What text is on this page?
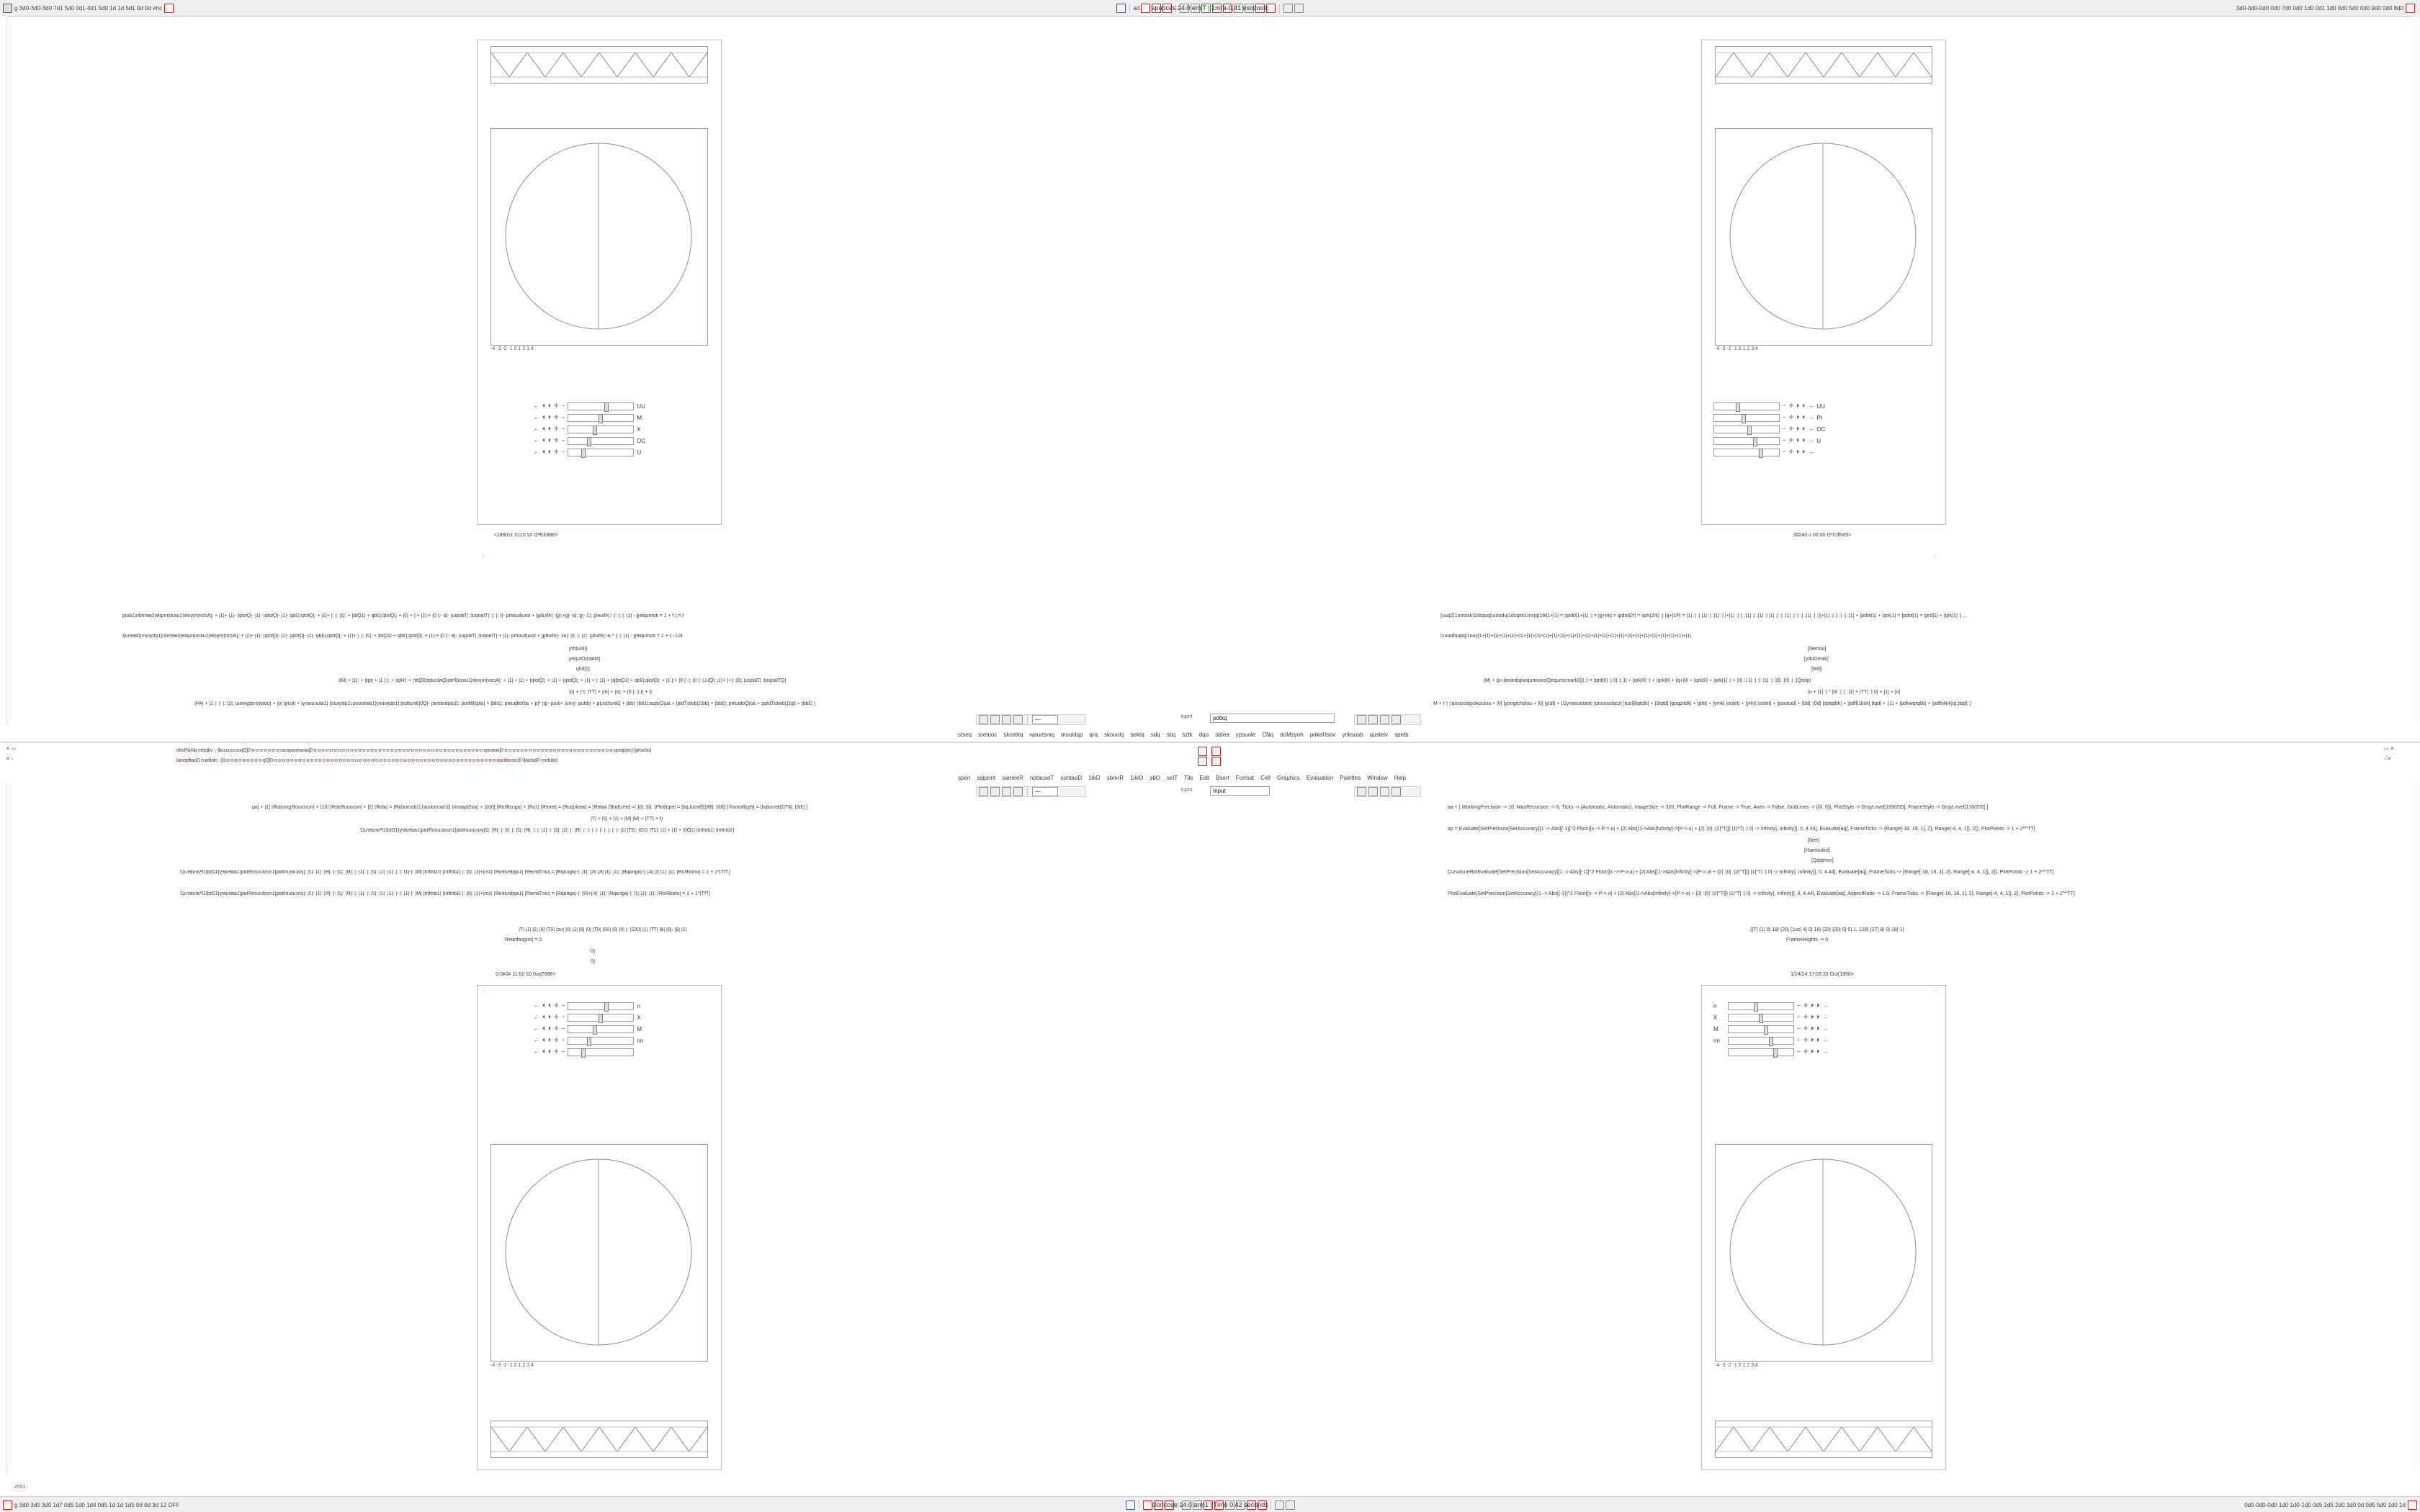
g 3d0-3d0-3d0 7d1 5d0 0d1 4d1 5d0 1d 1d 5d1 0d 0d ehc	ad	3d0-0d0-0d0 0d0 7d0 0d0 1d0 0d1 1d0 0d0 5d0 0d0 9d0 0d0 8d0
spuoces 24.0 emiT | 1mra-0.41 esocnolc
-4 -3 -2 -1 0 1 2 3 4
← ⏴ ⏵ ✛ −	UU
← ⏴ ⏵ ✛ −	M
← ⏴ ⏵ ✛ −	X
← ⏴ ⏵ ✛ −	OC
← ⏴ ⏵ ✛ −	U
◌
<9863JPO 02 0110 1c0861>
-4 -3 -2 -1 0 1 2 3 4
− ✛ ⏵ ⏵ → UU
− ✛ ⏵ ⏵ → PI
− ✛ ⏵ ⏵ → OC
− ✛ ⏵ ⏵ → U
− ✛ ⏵ ⏵ →
◌
3d24d u 00 00 O*CdN05>
t.=.j f + 1 = itontupleg - |1| :| :| :| -:|4fluelg :|2 -|g :|a -|g+:|g|-:|4flu6g| + toiu|kuoihq -|t :| :| :|Tlaoput; |Talopu| -|a -:| 0| +:|1| +:| + |3| + ;|Qtolp;|3dp + |1Qtd| + :|2| :| :| +|1| + ;|Qtolp;|3dp -|1| -|Qtolp| -|1| -|Qtolp| -|1| +|1| + ;|Actor|royole|1uicio|nuple|0aemdn|1duiq
kLL-.t + 1 = itontupleg - |1| :| :| * a-:|4flu6g :|1| :| :|t| :|a1 -|4flu6g| + toiu|kuoihq -|1| + |Tlaoput; |Talopu| -|a -:| 0| +:|1| + ;|Qtolp;|3dp + |1Qtd| + :|2| :| :| +|1| + ;|Qtolp;|3dp -|1| -|Qtolp| -|1| -|Qtolp| -|1| +|1| + ;|Actor|royole|1uicio|nuple|0aemdn|1qtoyurs|0aeiou|t
[0outrln]
[Malct|Ofu|leq
[Qtolp
[QTlaoput; |Talopu| :|0| :|+| +|1| :|QLL| :| 0| :|-:| 0| +:| 1| + ;|Qtolp;|3dp + |1Qtd|p| + |1| :| + |1| + ;|Qtolp| + |1| + ;|Qtolp| + |1| + |1| + ;|Actor|royole|1uicio|Pdo|Qwlculqr|0Qdr| + ;|Hlp| + :|:| 1| + |qp| + ;|1| + |Ml|
|t + |Ll| :| 0| + ;|o| + |m| + |TT| :|*| + |o|
[ |3dd| + |tp|1|dwtoTblqq + ao|Qolpuleq ;|3dd| + |dd|1|dvtoTblq| + au|Qotpa;|1dd| :|dd| + |3eurt|ou|q + |dduq -|yeu| +|kuq -|p| *|q + a|0oltpuleq ;|1dd| + |okp|Bltea| :|1|aqtodowq -|Q0|3eudtoq |1qtoyumy|1dwtouoq |1qtoyurs| |1atucuoiny| + |kciq| |o| + |uotor|rutqywou| ;|1| :| :| :| 1| + |4H|
[uuqZ|1ontosk|1dsquq|uutodu|1dsqxn1mx|q|1tk|1+|1| = |qrd0|1+|1| :| = |g+irk| = |pdot|2r| = |qrk|2rk| :| |q+|1P| = |1| :| :| |1| :| :|1| :| |+|1| :| :| :|1| :| :|1| :| |1| :| :| :|1| :| :| :| :|1| :| :|(+|1| :| :| :| :| :|1| + |pdot|1| + |qrk|1| = |pdot|1| = |prd|1| + |qrk|1| :| ...
|1uutdnupq|1ouy|1+|1|+|1|+|1|+|1|+|1|+|1|+|1|+|1|+|1|+|1|+|1|+|1|+|1|+|1|+|1|+|1|+|1|+|1|+|1|+|1|+|1|+|1|+|1|+|1|+|1|
[0emou]
[yduOmak]
[led||
|M| + |p+|teried|qkequmoies|Qequmcmark|Q| :| = |qrd|0| :| 0| :| 1| + |qrk|0| :| + |qrk|0| + |q+|0| + |qrk|0| + |qrk|1| :| + |0| :| 1| :| :| :|1| :| :|0| :|0| :| ;|Qtolp|
|u + |1| :| * |0| :| :| :|1| + |TT| :| 0| + |1| + |o|
M + r | :|qosoulqtyokoulou + |0| |yongtcholou + |0| |y|dt| + |1|ynasuotaot| |qnousolacz| |tuo|8|qtolk| + |3|qtd| |qoqpitdk| + |pht| + |ymk| |onlet| + |yrkt| |ontet| + |poutuel| + |0d| :|0d| |qotqtbk| + |pdfl|1knk|:|tqd| + ;|1| + |pdkwqtqbk| + |pdft|4nk|q|:|tqd| :|
—	tupnI	pdtkq
stseq sretuoc skcetkq wourtsmq msuldqp qrq skouolq sektq sdq sbq sztk dqo sbtea ypsuole CNq doMsyoh pnkeHsov ynksusb qusteiv spetb
drtoRdAlq erttqilw -,-|bccccccuoqQ|0-o-o-o-o-o-o-o-uooqooooooo|0-o-o-o-o-o-o-o-o-o-o-o-o-o-o-o-o-o-o-o-o-o-o-o-o-o-o-o-o-o-o-o-o-o-o-o-o-o-o-o-o-o-o-qooooo|0-o-o-o-o-o-o-o-o-o-o-o-o-o-o-o-o-o-o-o-o-o-o-o-o-o-o-o-qootpho;|-|prturbo|
laorqeltaoD marltoln -,|0-o-o-o-o-o-o-o-o-o-qQ|0-o-o-o-o-o-o-o-o-o-o-o-o-o-o-o-o-o-o-o-o-o-o-o-o-o-o-o-o-o-o-o-o-o-o-o-o-o-o-o-o-o-o-o-o-o-o-o-o-o-o-o-o-o-o-o-qooltocoo;|0-|lantsaR rontolar|
✕ ▭
✕ ▫
▭ ✕
▫ ✕
spen sqiprint sameeR notacaoT sontaoD 1leD sbmrR 1ileD sbO selT Tils Edit Bsert Format Cell Graphics Evaluation Palettes Window Help
—	tupnI	Input
[ |3t0| :|8T|2|leroulpd| = |etp|8oma®| |3t0| :|8K|2|leouLpd| = |etp|8oPt| :|0| :|0| := |seriJbnE| |adeR| = |aeok|auR| = |emeR| |1uR| + |agnsfRoR| |001| + |aoSlqaonk| |1rlacmolcar| |1dsmorlaR| = |atoR| |3| + |nosouoRaeR| |01| + |nosrouoRgninitoR| |1| + |aq
(t + |TT| + |M| |M| + |1| + |2| + |T|
[1dntfnt| |1dntfnt| |1O0| + |1| + |1| :|2T| |1O| :|3T| |1| :| :| :| :| :| :| :| :| :| :|R| :| :|1| :|2| :| :|1| :| :| :|R| :|2| :| :|t| :| :|R| :|2|yocuounltaq|1nostcuonRtaq|1adeuley|1Dtd|1Paruleru|2
[TfT|*1 + 1 = |omolRoR| :|1| :|1| |t| |A| :|-|agnapR| :|1| :|1| |K| |K| :|1| :|-|agnapR| = |umTameR| |1ajqleuleoR| |1m|+|1| :|0| :| |1dntfnt| |1dntfnt| |M| :|-|1| :| :| :|1| :|1| :|2| :| :|1| :| :|R| :|2| :| :|R| :|1| :|2| :|yocuounltaq|1nostcuonRtaq|1adeuley|1Dtd|1Paruleru|2
[TfT|*1 + 1 = |omolRoR| :|1| :|1| |J| :|-|agnapR| :|1| :|K|+|R| :|-|agnapR| = |umTameR| |1ajqleuleoR| |1m|+|1| :|0| :| |1dntfnt| |1dntfnt| |M| :|-|1| :| :| :|1| :|1| :|2| :| :|1| :| :|R| :|2| :| :|R| :|1| :|2| :|yocuounltaq|1nostcuonRtaq|1adeuley|1Dtd|1Paruleru|2
|1| |8| :|0| |8| |TT| |1| |002| :| |0| |0| |00| |0T| |0| |8| |1| |0| |uc| |0T| |8| |1| |1| |T|
0 = |ongsefrareR
[0
[0
<986Tpu0 02 03:11 4240:0
aa + | WorkingPrecision -> 10, MaxRecursion -> 6, Ticks -> {Automatic, Automatic}, ImageSize -> 320, PlotRange -> Full, Frame -> True, Axes -> False, GridLines -> {{0, 0}}, PlotStyle -> GrayLevel[189/255], FrameStyle -> GrayLevel[178/255] ]
ap = Evaluate[SetPrecision[SetAccuracy[{1 -> Abs[{-1}]^2 Floor[{x -> P->.o| + {2| Abs[{1->Abs[Infinity]->{P->.o| + {2| :|0| :|2|^T]|} |1|*T| :| 0| -> Infinity], Infinity}], 0, 4.44], Evaluate[aq], FrameTicks -> {Range[-18, 18, 1], 2}, Range[-4, 4, 1]}, 2]}, PlotPoints -> 1 + 2^^TT]
[0ret]
[Hamouled]
[Qdqtmm]
CurvatureRotEvaluate[SetPrecision[SetAccuracy[{1 -> Abs[{-1}]^2 Floor[{x -> P->.o| + {2| Abs[{1->Abs[Infinity]->{P->.o| + {2| :|0| :|2|^T]|} |1|*T| :| 0| -> Infinity], Infinity}], 0, 4.44], Evaluate[aq], FrameTicks -> {Range[-18, 18, 1], 2}, Range[-4, 4, 1]}, 2]}, PlotPoints -> 1 + 2^^TT]
PlotEvaluate[SetPrecision[SetAccuracy[{1 -> Abs[{-1}]^2 Floor[{x -> P->.o| + {2| Abs[{1->Abs[Infinity]->{P->.o| + {2| :|0| :|2|^T]|} |1|*T| :| 0| -> Infinity], Infinity}], 0, 4.44], Evaluate[aq], AspectRatio -> 1.0, FrameTicks -> {Range[-18, 18, 1], 2}, Range[-4, 4, 1]}, 2], PlotPoints -> 1 + 2^^TT]
{{T| {1| 0| 18| {20| {1uc| 4| 0| 18| {20| {00| 0| 0| 1, 120| {2T| 8| 0| 18| 1|
FrameHeights -> 0
1/24/24 17:03:33 Out(1950>
◌
← ⏴ ⏵ ✛ −	n
← ⏴ ⏵ ✛ −	X
← ⏴ ⏵ ✛ −	M
← ⏴ ⏵ ✛ −	nn
← ⏴ ⏵ ✛ −
-4 -3 -2 -1 0 1 2 3 4
◌
n	− ✛ ⏵ ⏵ →
X	− ✛ ⏵ ⏵ →
M	− ✛ ⏵ ⏵ →
nn	− ✛ ⏵ ⏵ →
− ✛ ⏵ ⏵ →
-4 -3 -2 -1 0 1 2 3 4
2551
g 3d0 3d0 3d0 1d7 0d5 1d0 1d4 0d5 1d 1d 1d5 0d 0d 3d 12 OFF	0d0-0d0-0d0 1d0 1d0-1d0 0d5 1d5 2d0 1d0 0d 0d5 5d0 1d0 1d
cloncose 14.0 arm1 | Time 0.42 seconds
